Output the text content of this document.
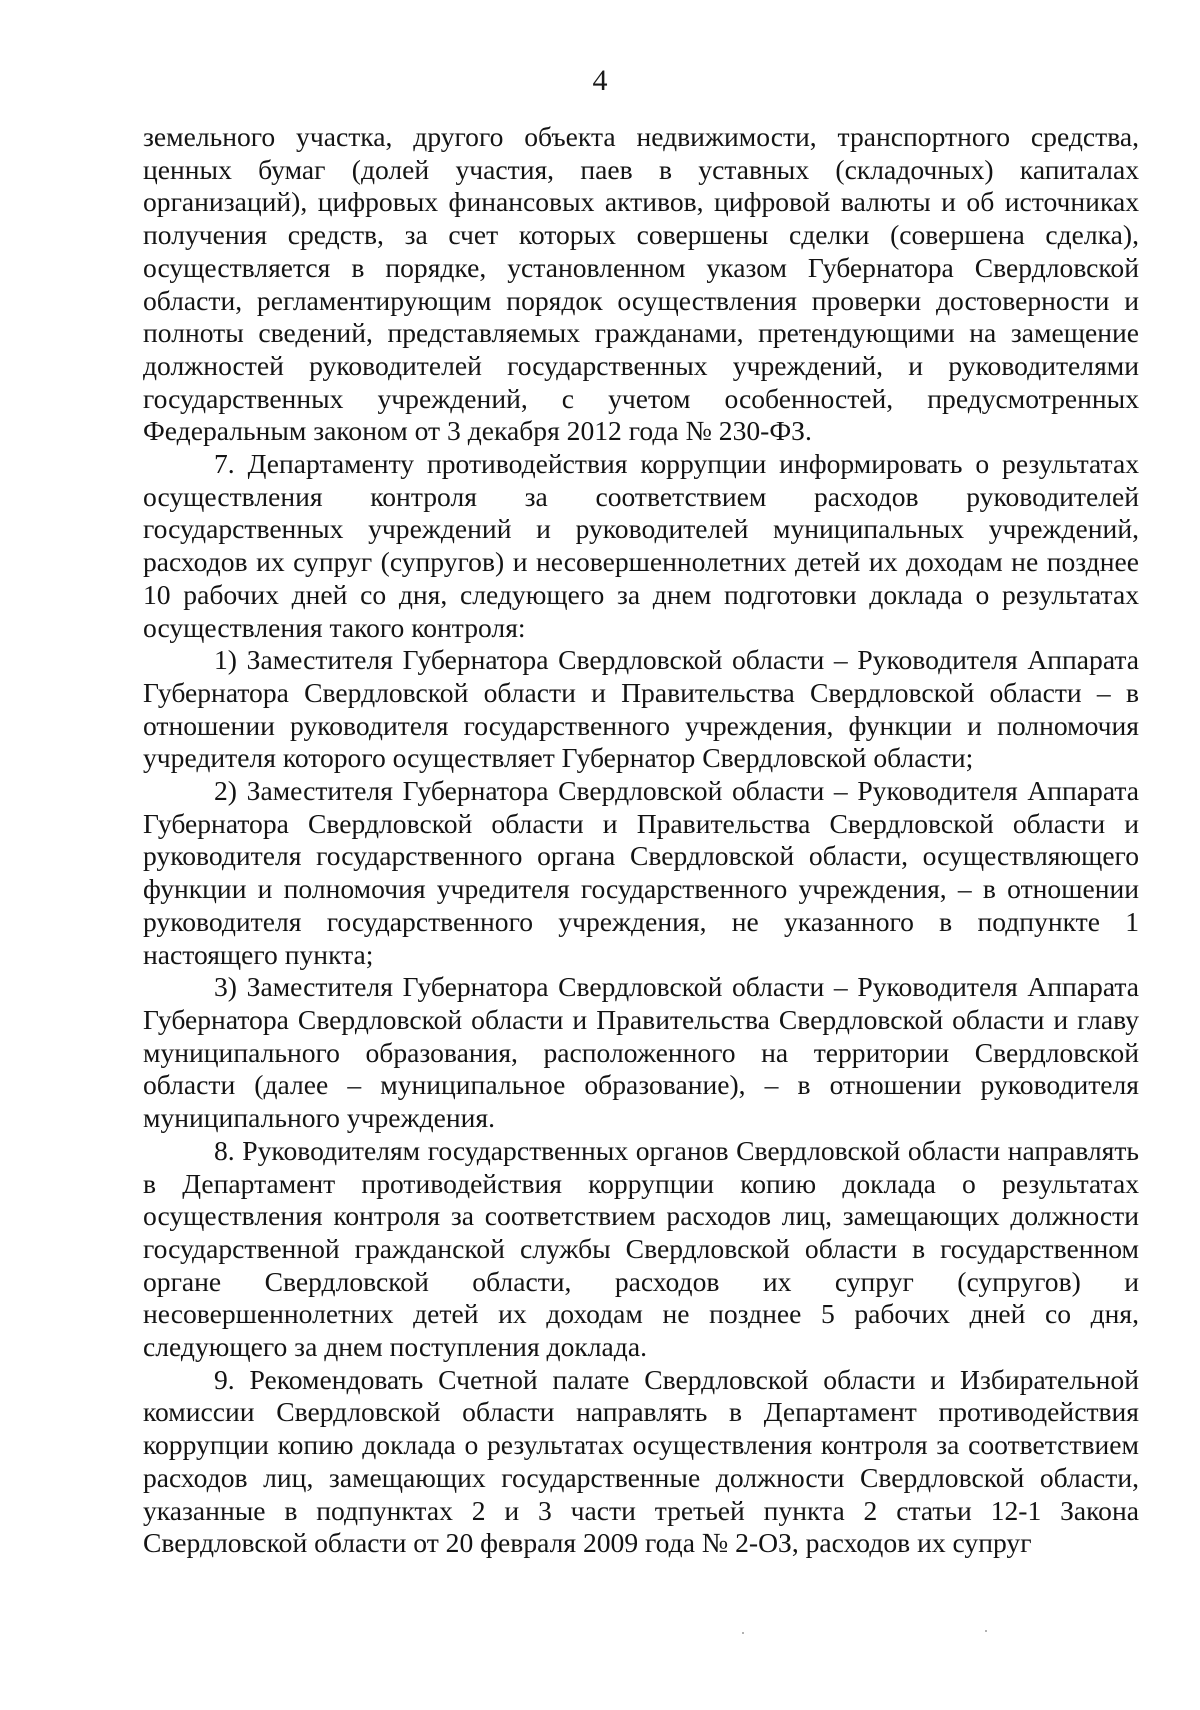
4

земельного участка, другого объекта недвижимости, транспортного средства, ценных бумаг (долей участия, паев в уставных (складочных) капиталах организаций), цифровых финансовых активов, цифровой валюты и об источниках получения средств, за счет которых совершены сделки (совершена сделка), осуществляется в порядке, установленном указом Губернатора Свердловской области, регламентирующим порядок осуществления проверки достоверности и полноты сведений, представляемых гражданами, претендующими на замещение должностей руководителей государственных учреждений, и руководителями государственных учреждений, с учетом особенностей, предусмотренных Федеральным законом от 3 декабря 2012 года № 230-ФЗ.

7. Департаменту противодействия коррупции информировать о результатах осуществления контроля за соответствием расходов руководителей государственных учреждений и руководителей муниципальных учреждений, расходов их супруг (супругов) и несовершеннолетних детей их доходам не позднее 10 рабочих дней со дня, следующего за днем подготовки доклада о результатах осуществления такого контроля:

1) Заместителя Губернатора Свердловской области – Руководителя Аппарата Губернатора Свердловской области и Правительства Свердловской области – в отношении руководителя государственного учреждения, функции и полномочия учредителя которого осуществляет Губернатор Свердловской области;

2) Заместителя Губернатора Свердловской области – Руководителя Аппарата Губернатора Свердловской области и Правительства Свердловской области и руководителя государственного органа Свердловской области, осуществляющего функции и полномочия учредителя государственного учреждения, – в отношении руководителя государственного учреждения, не указанного в подпункте 1 настоящего пункта;

3) Заместителя Губернатора Свердловской области – Руководителя Аппарата Губернатора Свердловской области и Правительства Свердловской области и главу муниципального образования, расположенного на территории Свердловской области (далее – муниципальное образование), – в отношении руководителя муниципального учреждения.

8. Руководителям государственных органов Свердловской области направлять в Департамент противодействия коррупции копию доклада о результатах осуществления контроля за соответствием расходов лиц, замещающих должности государственной гражданской службы Свердловской области в государственном органе Свердловской области, расходов их супруг (супругов) и несовершеннолетних детей их доходам не позднее 5 рабочих дней со дня, следующего за днем поступления доклада.

9. Рекомендовать Счетной палате Свердловской области и Избирательной комиссии Свердловской области направлять в Департамент противодействия коррупции копию доклада о результатах осуществления контроля за соответствием расходов лиц, замещающих государственные должности Свердловской области, указанные в подпунктах 2 и 3 части третьей пункта 2 статьи 12-1 Закона Свердловской области от 20 февраля 2009 года № 2-ОЗ, расходов их супруг
